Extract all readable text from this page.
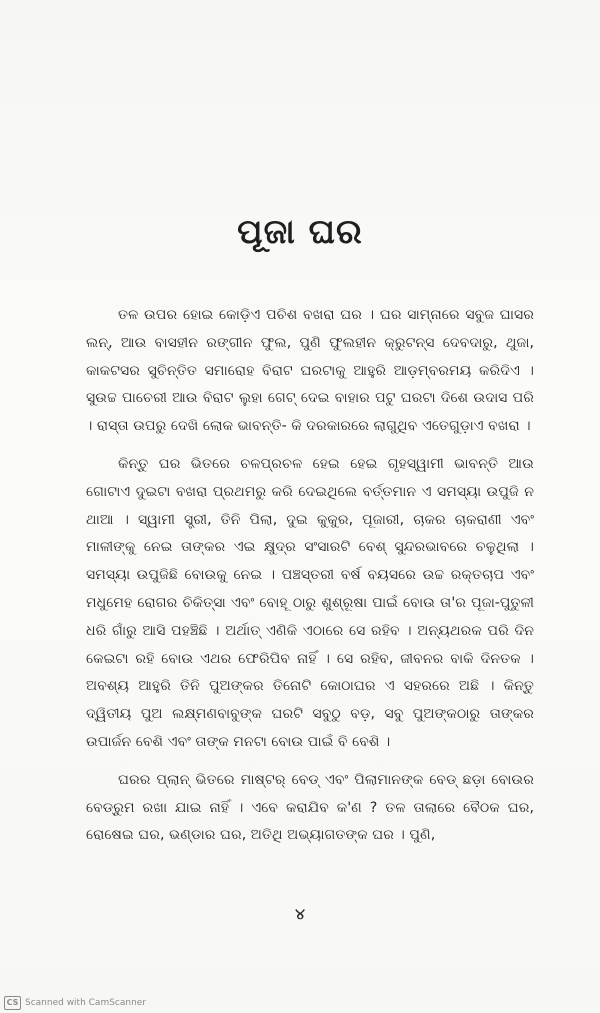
ପୂଜା ଘର

ତଳ ଉପର ହୋଇ କୋଡ଼ିଏ ପଚିଶ ବଖରା ଘର । ଘର ସାମ୍ନାରେ ସବୁଜ ଘାସର ଲନ୍, ଆଉ ବାସହୀନ ରଙ୍ଗୀନ ଫୁଲ, ପୁଣି ଫୁଲହୀନ କ୍ରୁଟନ୍ସ ଦେବଦାରୁ, ଥୁଜା, କାକଟସର ସୁଚିନ୍ତିତ ସମାରୋହ ବିରାଟ ଘରଟାକୁ ଆହୁରି ଆଡ଼ମ୍ବରମୟ କରିଦିଏ । ସୁଉଚ୍ଚ ପାଚେରୀ ଆଉ ବିରାଟ ଲୁହା ଗେଟ୍ ଦେଇ ବାହାର ପଟୁ ଘରଟା ଦିଶେ ଉଦାସ ପରି । ରାସ୍ତା ଉପରୁ ଦେଖି ଲୋକ ଭାବନ୍ତି- କି ଦରକାରରେ ଲାଗୁଥିବ ଏତେଗୁଡ଼ାଏ ବଖରା ।

କିନ୍ତୁ ଘର ଭିତରେ ଚଳପ୍ରଚଳ ହେଇ ହେଇ ଗୃହସ୍ୱାମୀ ଭାବନ୍ତି ଆଉ ଗୋଟାଏ ଦୁଇଟା ବଖରା ପ୍ରଥମରୁ କରି ଦେଇଥିଲେ ବର୍ତ୍ତମାନ ଏ ସମସ୍ୟା ଉପୁଜି ନ ଥାଆ । ସ୍ୱାମୀ ସ୍ତ୍ରୀ, ତିନି ପିଲା, ଦୁଇ କୁକୁର, ପୂଜାରୀ, ଚାକର ଚାକରାଣୀ ଏବଂ ମାଳୀଙ୍କୁ ନେଇ ତାଙ୍କର ଏଇ କ୍ଷୁଦ୍ର ସଂସାରଟି ବେଶ୍ ସୁନ୍ଦରଭାବରେ ଚଳୁଥିଲା । ସମସ୍ୟା ଉପୁଜିଛି ବୋଉକୁ ନେଇ । ପଞ୍ଚସ୍ତରୀ ବର୍ଷ ବୟସରେ ଉଚ୍ଚ ରକ୍ତଚାପ ଏବଂ ମଧୁମେହ ରୋଗର ଚିକିତ୍ସା ଏବଂ ବୋହୂ ଠାରୁ ଶୁଶ୍ରୂଷା ପାଇଁ ବୋଉ ତା'ର ପୂଜା-ପୁତୁଳୀ ଧରି ଗାଁରୁ ଆସି ପହଞ୍ଚିଛି । ଅର୍ଥାତ୍ ଏଣିକି ଏଠାରେ ସେ ରହିବ । ଅନ୍ୟଥରକ ପରି ଦିନ କେଇଟା ରହି ବୋଉ ଏଥର ଫେରିପିବ ନାହିଁ । ସେ ରହିବ, ଜୀବନର ବାକି ଦିନତକ । ଅବଶ୍ୟ ଆହୁରି ତିନି ପୁଅଙ୍କର ତିନୋଟି କୋଠାଘର ଏ ସହରରେ ଅଛି । କିନ୍ତୁ ଦ୍ୱିତୀୟ ପୁଅ ଲକ୍ଷ୍ମଣବାବୁଙ୍କ ଘରଟି ସବୁଠୁ ବଡ଼, ସବୁ ପୁଅଙ୍କଠାରୁ ତାଙ୍କର ଉପାର୍ଜନ ବେଶି ଏବଂ ତାଙ୍କ ମନଟା ବୋଉ ପାଇଁ ବି ବେଶି ।

ଘରର ପ୍ଲାନ୍ ଭିତରେ ମାଷ୍ଟର୍ ବେଡ୍ ଏବଂ ପିଲାମାନଙ୍କ ବେଡ୍ ଛଡ଼ା ବୋଉର ବେଡ୍‌ରୁମ ରଖା ଯାଇ ନାହିଁ । ଏବେ କରାଯିବ କ'ଣ ? ତଳ ତାଲାରେ ବୈଠକ ଘର, ରୋଷେଇ ଘର, ଭଣ୍ଡାର ଘର, ଅତିଥି ଅଭ୍ୟାଗତଙ୍କ ଘର । ପୁଣି,

୪
CS Scanned with CamScanner
